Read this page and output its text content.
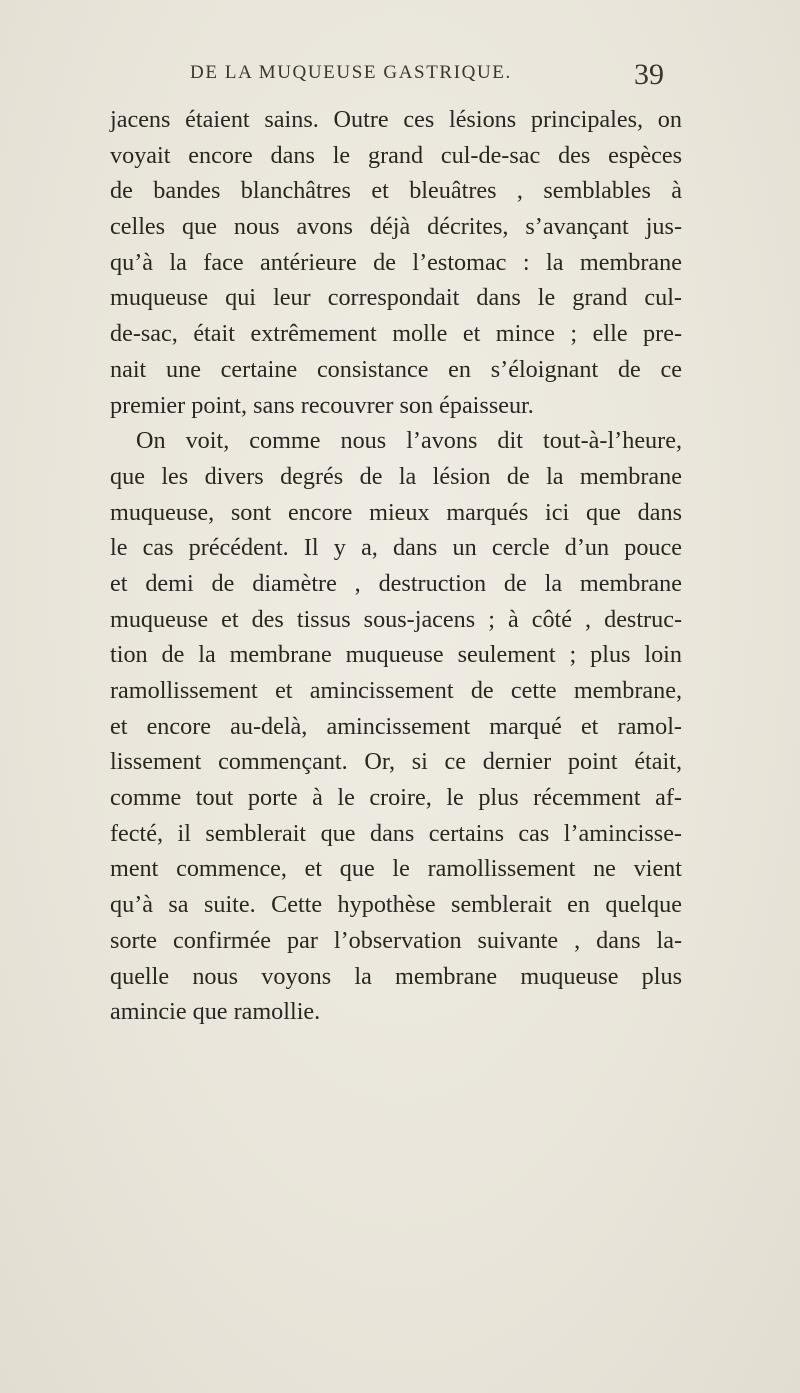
DE LA MUQUEUSE GASTRIQUE.	39
jacens étaient sains. Outre ces lésions principales, on
voyait encore dans le grand cul-de-sac des espèces
de bandes blanchâtres et bleuâtres , semblables à
celles que nous avons déjà décrites, s’avançant jus-
qu’à la face antérieure de l’estomac : la membrane
muqueuse qui leur correspondait dans le grand cul-
de-sac, était extrêmement molle et mince ; elle pre-
nait une certaine consistance en s’éloignant de ce
premier point, sans recouvrer son épaisseur.
On voit, comme nous l’avons dit tout-à-l’heure,
que les divers degrés de la lésion de la membrane
muqueuse, sont encore mieux marqués ici que dans
le cas précédent. Il y a, dans un cercle d’un pouce
et demi de diamètre , destruction de la membrane
muqueuse et des tissus sous-jacens ; à côté , destruc-
tion de la membrane muqueuse seulement ; plus loin
ramollissement et amincissement de cette membrane,
et encore au-delà, amincissement marqué et ramol-
lissement commençant. Or, si ce dernier point était,
comme tout porte à le croire, le plus récemment af-
fecté, il semblerait que dans certains cas l’amincisse-
ment commence, et que le ramollissement ne vient
qu’à sa suite. Cette hypothèse semblerait en quelque
sorte confirmée par l’observation suivante , dans la-
quelle nous voyons la membrane muqueuse plus
amincie que ramollie.
